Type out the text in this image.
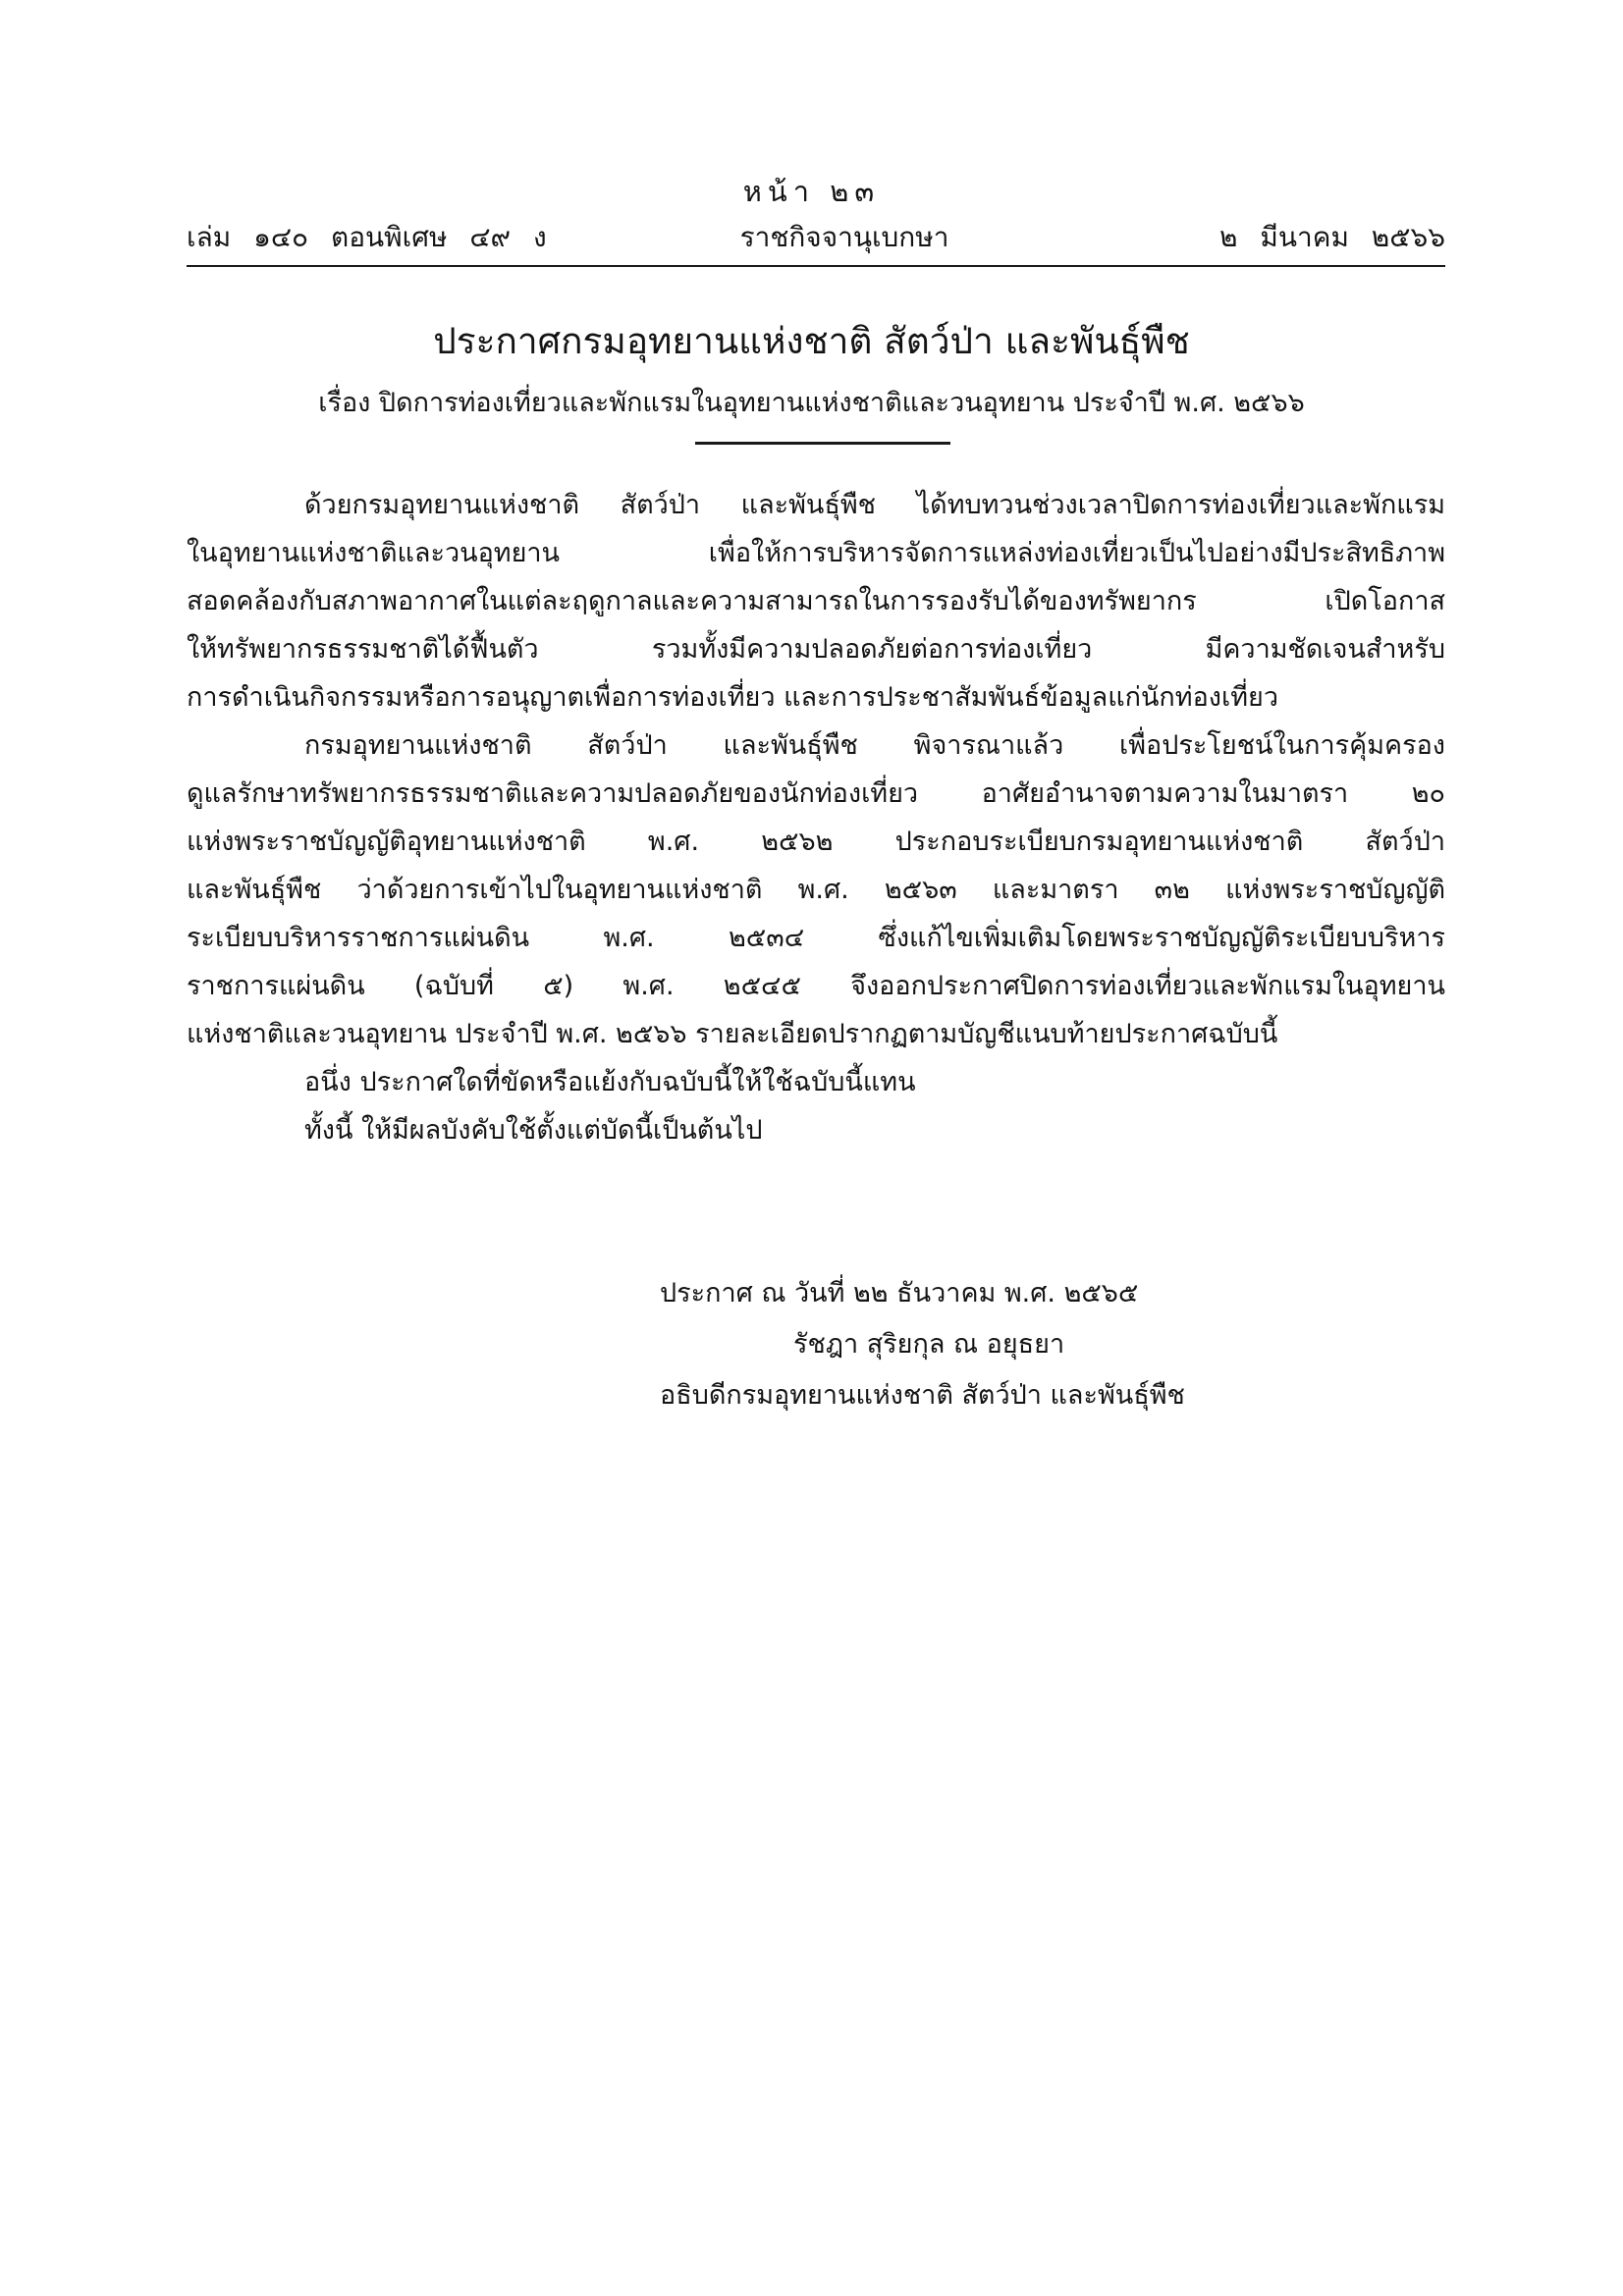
หน้า ๒๓
เล่ม ๑๔๐ ตอนพิเศษ ๔๙ ง	ราชกิจจานุเบกษา	๒ มีนาคม ๒๕๖๖
ประกาศกรมอุทยานแห่งชาติ สัตว์ป่า และพันธุ์พืช
เรื่อง ปิดการท่องเที่ยวและพักแรมในอุทยานแห่งชาติและวนอุทยาน ประจำปี พ.ศ. ๒๕๖๖
ด้วยกรมอุทยานแห่งชาติ สัตว์ป่า และพันธุ์พืช ได้ทบทวนช่วงเวลาปิดการท่องเที่ยวและพักแรม
ในอุทยานแห่งชาติและวนอุทยาน เพื่อให้การบริหารจัดการแหล่งท่องเที่ยวเป็นไปอย่างมีประสิทธิภาพ
สอดคล้องกับสภาพอากาศในแต่ละฤดูกาลและความสามารถในการรองรับได้ของทรัพยากร เปิดโอกาส
ให้ทรัพยากรธรรมชาติได้ฟื้นตัว รวมทั้งมีความปลอดภัยต่อการท่องเที่ยว มีความชัดเจนสำหรับ
การดำเนินกิจกรรมหรือการอนุญาตเพื่อการท่องเที่ยว และการประชาสัมพันธ์ข้อมูลแก่นักท่องเที่ยว
กรมอุทยานแห่งชาติ สัตว์ป่า และพันธุ์พืช พิจารณาแล้ว เพื่อประโยชน์ในการคุ้มครอง
ดูแลรักษาทรัพยากรธรรมชาติและความปลอดภัยของนักท่องเที่ยว อาศัยอำนาจตามความในมาตรา ๒๐
แห่งพระราชบัญญัติอุทยานแห่งชาติ พ.ศ. ๒๕๖๒ ประกอบระเบียบกรมอุทยานแห่งชาติ สัตว์ป่า
และพันธุ์พืช ว่าด้วยการเข้าไปในอุทยานแห่งชาติ พ.ศ. ๒๕๖๓ และมาตรา ๓๒ แห่งพระราชบัญญัติ
ระเบียบบริหารราชการแผ่นดิน พ.ศ. ๒๕๓๔ ซึ่งแก้ไขเพิ่มเติมโดยพระราชบัญญัติระเบียบบริหาร
ราชการแผ่นดิน (ฉบับที่ ๕) พ.ศ. ๒๕๔๕ จึงออกประกาศปิดการท่องเที่ยวและพักแรมในอุทยาน
แห่งชาติและวนอุทยาน ประจำปี พ.ศ. ๒๕๖๖ รายละเอียดปรากฏตามบัญชีแนบท้ายประกาศฉบับนี้
อนึ่ง ประกาศใดที่ขัดหรือแย้งกับฉบับนี้ให้ใช้ฉบับนี้แทน
ทั้งนี้ ให้มีผลบังคับใช้ตั้งแต่บัดนี้เป็นต้นไป
ประกาศ ณ วันที่ ๒๒ ธันวาคม พ.ศ. ๒๕๖๕
รัชฎา สุริยกุล ณ อยุธยา
อธิบดีกรมอุทยานแห่งชาติ สัตว์ป่า และพันธุ์พืช
